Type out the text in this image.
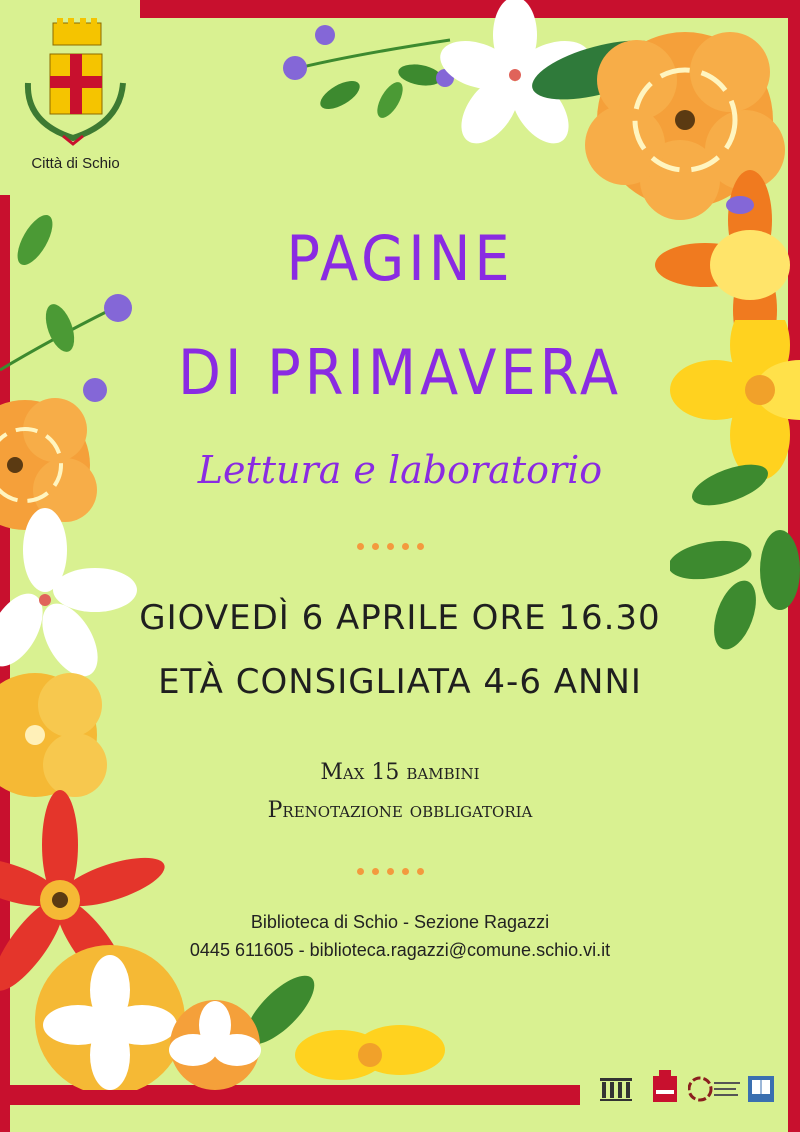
Città di Schio
PAGINE
DI PRIMAVERA
Lettura e laboratorio
GIOVEDÌ 6 APRILE ORE 16.30
ETÀ CONSIGLIATA 4-6 ANNI
Max 15 bambini
Prenotazione obbligatoria
Biblioteca di Schio - Sezione Ragazzi
0445 611605 - biblioteca.ragazzi@comune.schio.vi.it
